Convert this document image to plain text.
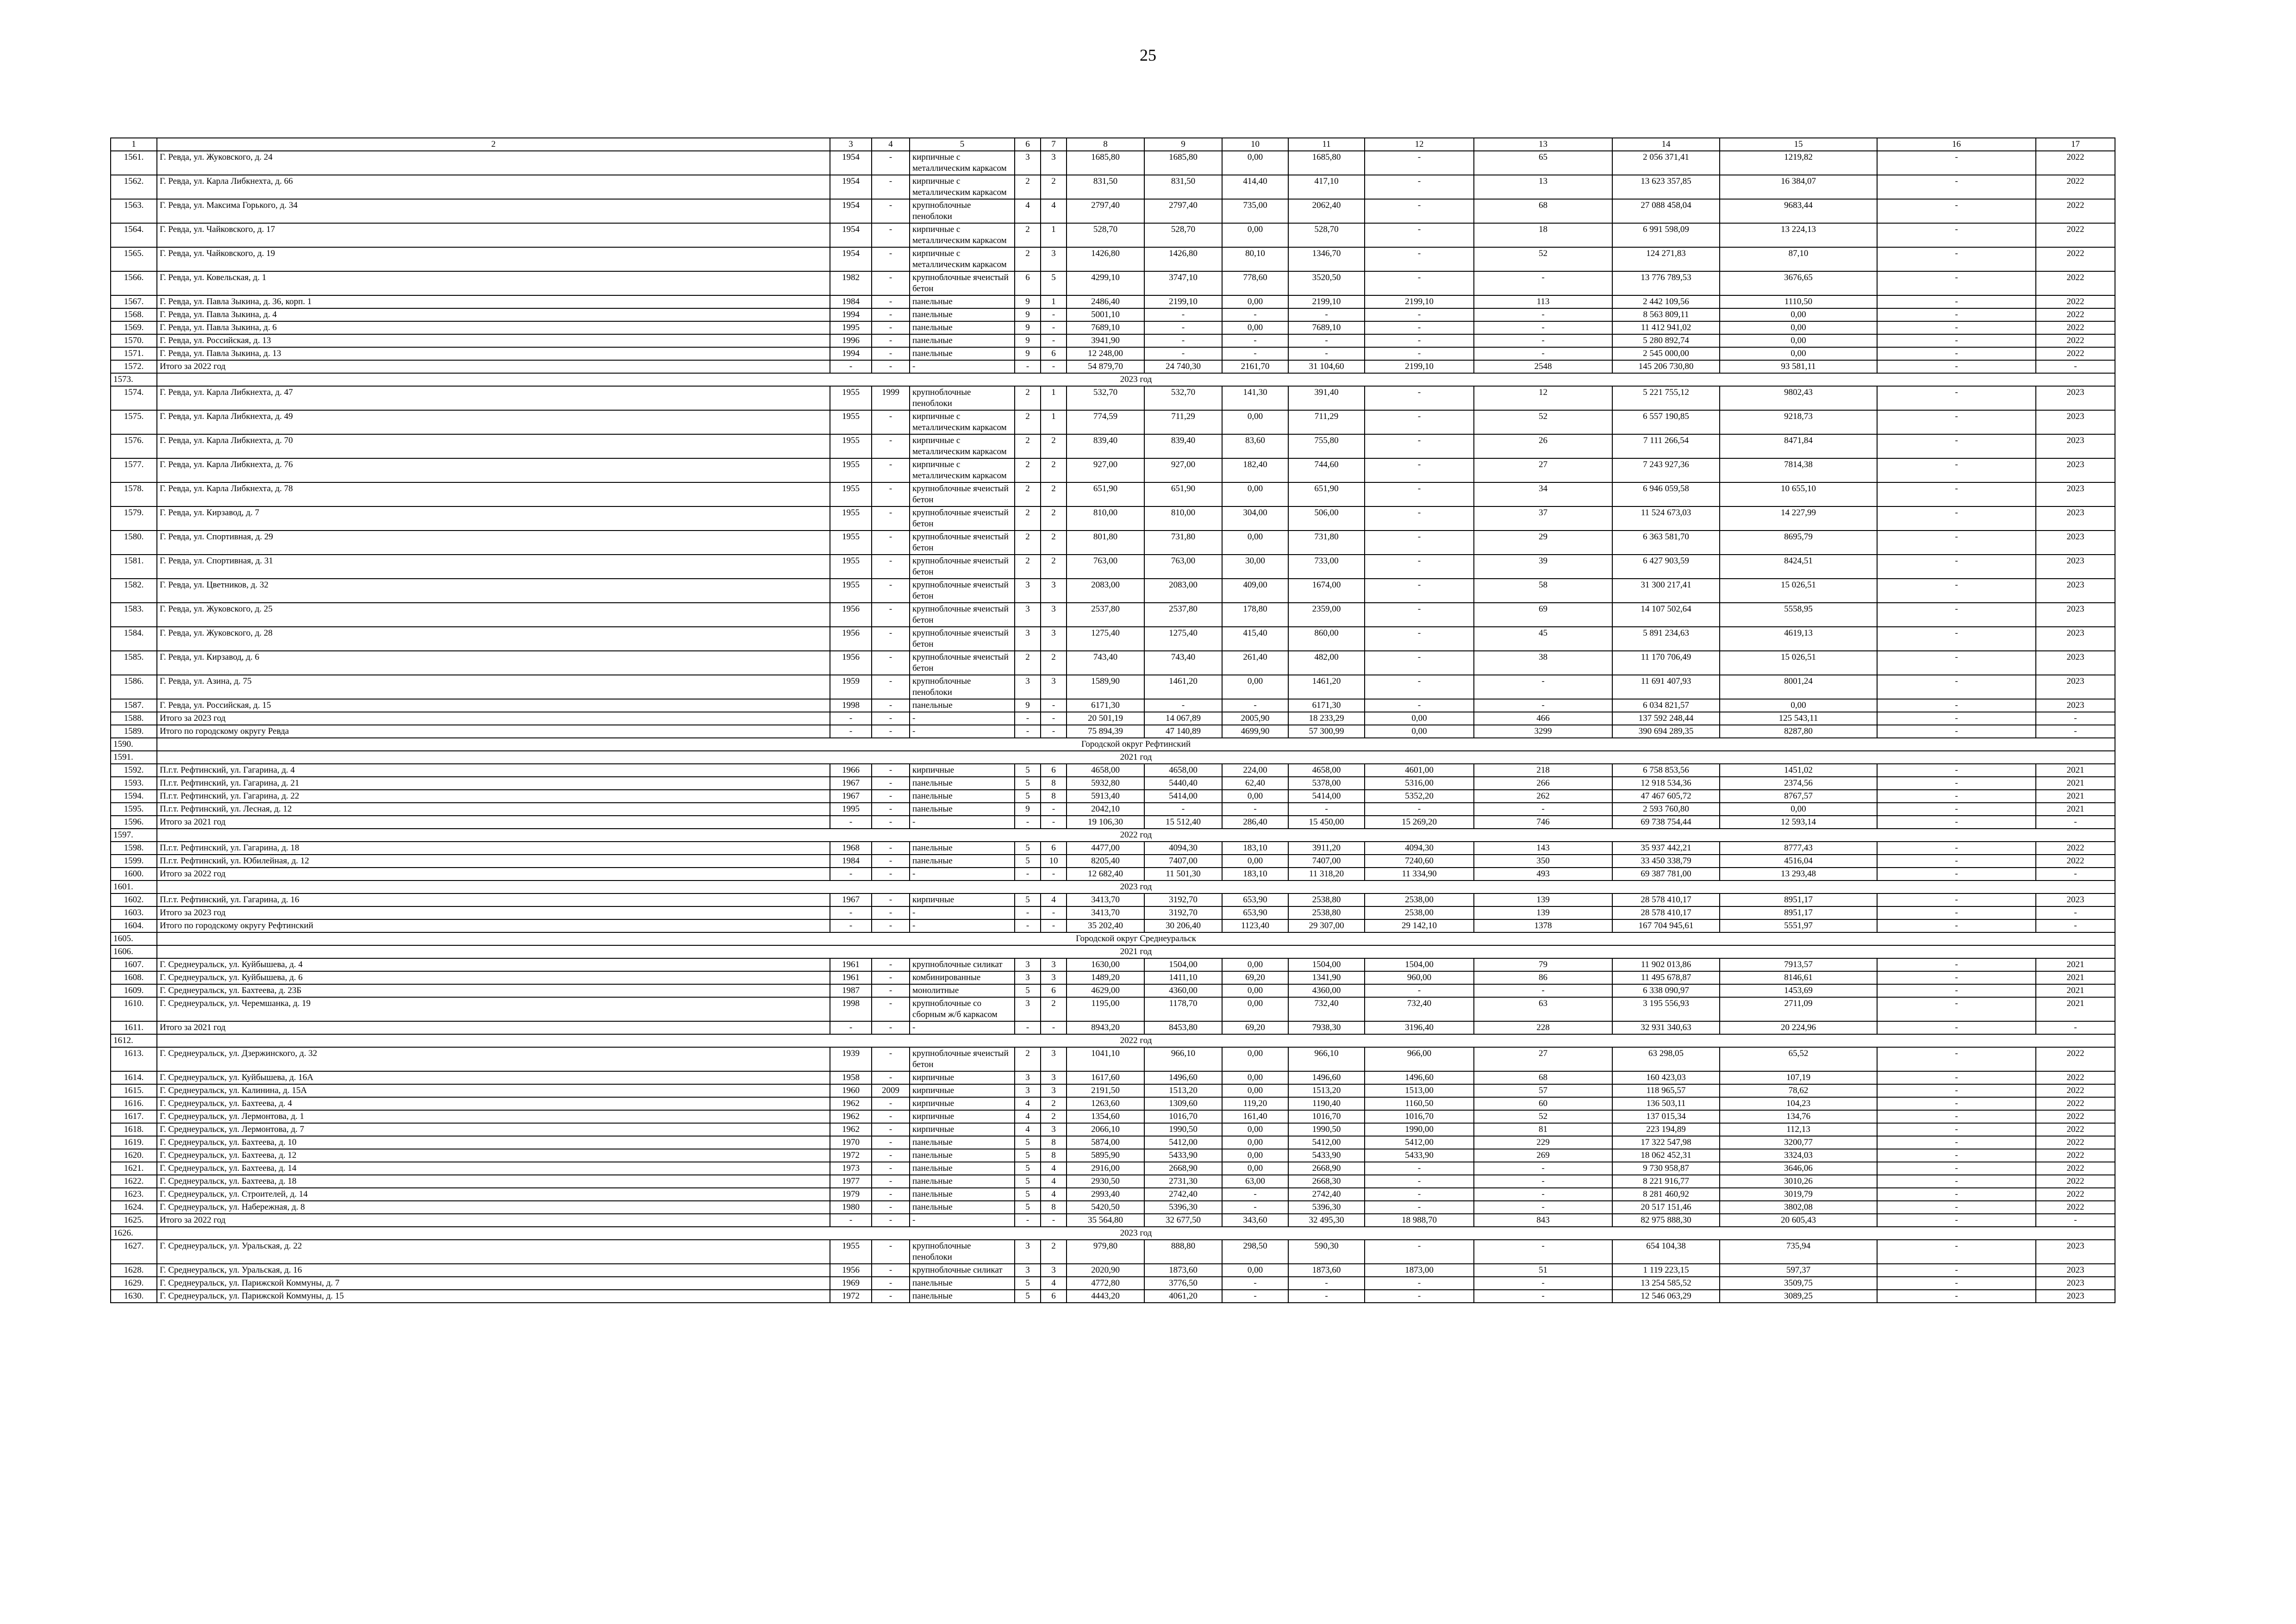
25
1	2	3	4	5	6	7	8	9	10	11	12	13	14	15	16	17
1561.	Г. Ревда, ул. Жуковского, д. 24	1954	-	кирпичные с металлическим каркасом	3	3	1685,80	1685,80	0,00	1685,80	-	65	2 056 371,41	1219,82	-	2022
1562.	Г. Ревда, ул. Карла Либкнехта, д. 66	1954	-	кирпичные с металлическим каркасом	2	2	831,50	831,50	414,40	417,10	-	13	13 623 357,85	16 384,07	-	2022
1563.	Г. Ревда, ул. Максима Горького, д. 34	1954	-	крупноблочные пеноблоки	4	4	2797,40	2797,40	735,00	2062,40	-	68	27 088 458,04	9683,44	-	2022
1564.	Г. Ревда, ул. Чайковского, д. 17	1954	-	кирпичные с металлическим каркасом	2	1	528,70	528,70	0,00	528,70	-	18	6 991 598,09	13 224,13	-	2022
1565.	Г. Ревда, ул. Чайковского, д. 19	1954	-	кирпичные с металлическим каркасом	2	3	1426,80	1426,80	80,10	1346,70	-	52	124 271,83	87,10	-	2022
1566.	Г. Ревда, ул. Ковельская, д. 1	1982	-	крупноблочные ячеистый бетон	6	5	4299,10	3747,10	778,60	3520,50	-	-	13 776 789,53	3676,65	-	2022
1567.	Г. Ревда, ул. Павла Зыкина, д. 36, корп. 1	1984	-	панельные	9	1	2486,40	2199,10	0,00	2199,10	2199,10	113	2 442 109,56	1110,50	-	2022
1568.	Г. Ревда, ул. Павла Зыкина, д. 4	1994	-	панельные	9	-	5001,10	-	-	-	-	-	8 563 809,11	0,00	-	2022
1569.	Г. Ревда, ул. Павла Зыкина, д. 6	1995	-	панельные	9	-	7689,10	-	0,00	7689,10	-	-	11 412 941,02	0,00	-	2022
1570.	Г. Ревда, ул. Российская, д. 13	1996	-	панельные	9	-	3941,90	-	-	-	-	-	5 280 892,74	0,00	-	2022
1571.	Г. Ревда, ул. Павла Зыкина, д. 13	1994	-	панельные	9	6	12 248,00	-	-	-	-	-	2 545 000,00	0,00	-	2022
1572.	Итого за 2022 год	-	-	-	-	-	54 879,70	24 740,30	2161,70	31 104,60	2199,10	2548	145 206 730,80	93 581,11	-	-
1573.	2023 год															
1574.	Г. Ревда, ул. Карла Либкнехта, д. 47	1955	1999	крупноблочные пеноблоки	2	1	532,70	532,70	141,30	391,40	-	12	5 221 755,12	9802,43	-	2023
1575.	Г. Ревда, ул. Карла Либкнехта, д. 49	1955	-	кирпичные с металлическим каркасом	2	1	774,59	711,29	0,00	711,29	-	52	6 557 190,85	9218,73	-	2023
1576.	Г. Ревда, ул. Карла Либкнехта, д. 70	1955	-	кирпичные с металлическим каркасом	2	2	839,40	839,40	83,60	755,80	-	26	7 111 266,54	8471,84	-	2023
1577.	Г. Ревда, ул. Карла Либкнехта, д. 76	1955	-	кирпичные с металлическим каркасом	2	2	927,00	927,00	182,40	744,60	-	27	7 243 927,36	7814,38	-	2023
1578.	Г. Ревда, ул. Карла Либкнехта, д. 78	1955	-	крупноблочные ячеистый бетон	2	2	651,90	651,90	0,00	651,90	-	34	6 946 059,58	10 655,10	-	2023
1579.	Г. Ревда, ул. Кирзавод, д. 7	1955	-	крупноблочные ячеистый бетон	2	2	810,00	810,00	304,00	506,00	-	37	11 524 673,03	14 227,99	-	2023
1580.	Г. Ревда, ул. Спортивная, д. 29	1955	-	крупноблочные ячеистый бетон	2	2	801,80	731,80	0,00	731,80	-	29	6 363 581,70	8695,79	-	2023
1581.	Г. Ревда, ул. Спортивная, д. 31	1955	-	крупноблочные ячеистый бетон	2	2	763,00	763,00	30,00	733,00	-	39	6 427 903,59	8424,51	-	2023
1582.	Г. Ревда, ул. Цветников, д. 32	1955	-	крупноблочные ячеистый бетон	3	3	2083,00	2083,00	409,00	1674,00	-	58	31 300 217,41	15 026,51	-	2023
1583.	Г. Ревда, ул. Жуковского, д. 25	1956	-	крупноблочные ячеистый бетон	3	3	2537,80	2537,80	178,80	2359,00	-	69	14 107 502,64	5558,95	-	2023
1584.	Г. Ревда, ул. Жуковского, д. 28	1956	-	крупноблочные ячеистый бетон	3	3	1275,40	1275,40	415,40	860,00	-	45	5 891 234,63	4619,13	-	2023
1585.	Г. Ревда, ул. Кирзавод, д. 6	1956	-	крупноблочные ячеистый бетон	2	2	743,40	743,40	261,40	482,00	-	38	11 170 706,49	15 026,51	-	2023
1586.	Г. Ревда, ул. Азина, д. 75	1959	-	крупноблочные пеноблоки	3	3	1589,90	1461,20	0,00	1461,20	-	-	11 691 407,93	8001,24	-	2023
1587.	Г. Ревда, ул. Российская, д. 15	1998	-	панельные	9	-	6171,30	-	-	6171,30	-	-	6 034 821,57	0,00	-	2023
1588.	Итого за 2023 год	-	-	-	-	-	20 501,19	14 067,89	2005,90	18 233,29	0,00	466	137 592 248,44	125 543,11	-	-
1589.	Итого по городскому округу Ревда	-	-	-	-	-	75 894,39	47 140,89	4699,90	57 300,99	0,00	3299	390 694 289,35	8287,80	-	-
1590.	Городской округ Рефтинский															
1591.	2021 год															
1592.	П.г.т. Рефтинский, ул. Гагарина, д. 4	1966	-	кирпичные	5	6	4658,00	4658,00	224,00	4658,00	4601,00	218	6 758 853,56	1451,02	-	2021
1593.	П.г.т. Рефтинский, ул. Гагарина, д. 21	1967	-	панельные	5	8	5932,80	5440,40	62,40	5378,00	5316,00	266	12 918 534,36	2374,56	-	2021
1594.	П.г.т. Рефтинский, ул. Гагарина, д. 22	1967	-	панельные	5	8	5913,40	5414,00	0,00	5414,00	5352,20	262	47 467 605,72	8767,57	-	2021
1595.	П.г.т. Рефтинский, ул. Лесная, д. 12	1995	-	панельные	9	-	2042,10	-	-	-	-	-	2 593 760,80	0,00	-	2021
1596.	Итого за 2021 год	-	-	-	-	-	19 106,30	15 512,40	286,40	15 450,00	15 269,20	746	69 738 754,44	12 593,14	-	-
1597.	2022 год															
1598.	П.г.т. Рефтинский, ул. Гагарина, д. 18	1968	-	панельные	5	6	4477,00	4094,30	183,10	3911,20	4094,30	143	35 937 442,21	8777,43	-	2022
1599.	П.г.т. Рефтинский, ул. Юбилейная, д. 12	1984	-	панельные	5	10	8205,40	7407,00	0,00	7407,00	7240,60	350	33 450 338,79	4516,04	-	2022
1600.	Итого за 2022 год	-	-	-	-	-	12 682,40	11 501,30	183,10	11 318,20	11 334,90	493	69 387 781,00	13 293,48	-	-
1601.	2023 год															
1602.	П.г.т. Рефтинский, ул. Гагарина, д. 16	1967	-	кирпичные	5	4	3413,70	3192,70	653,90	2538,80	2538,00	139	28 578 410,17	8951,17	-	2023
1603.	Итого за 2023 год	-	-	-	-	-	3413,70	3192,70	653,90	2538,80	2538,00	139	28 578 410,17	8951,17	-	-
1604.	Итого по городскому округу Рефтинский	-	-	-	-	-	35 202,40	30 206,40	1123,40	29 307,00	29 142,10	1378	167 704 945,61	5551,97	-	-
1605.	Городской округ Среднеуральск															
1606.	2021 год															
1607.	Г. Среднеуральск, ул. Куйбышева, д. 4	1961	-	крупноблочные силикат	3	3	1630,00	1504,00	0,00	1504,00	1504,00	79	11 902 013,86	7913,57	-	2021
1608.	Г. Среднеуральск, ул. Куйбышева, д. 6	1961	-	комбинированные	3	3	1489,20	1411,10	69,20	1341,90	960,00	86	11 495 678,87	8146,61	-	2021
1609.	Г. Среднеуральск, ул. Бахтеева, д. 23Б	1987	-	монолитные	5	6	4629,00	4360,00	0,00	4360,00	-	-	6 338 090,97	1453,69	-	2021
1610.	Г. Среднеуральск, ул. Черемшанка, д. 19	1998	-	крупноблочные со сборным ж/б каркасом	3	2	1195,00	1178,70	0,00	732,40	732,40	63	3 195 556,93	2711,09	-	2021
1611.	Итого за 2021 год	-	-	-	-	-	8943,20	8453,80	69,20	7938,30	3196,40	228	32 931 340,63	20 224,96	-	-
1612.	2022 год															
1613.	Г. Среднеуральск, ул. Дзержинского, д. 32	1939	-	крупноблочные ячеистый бетон	2	3	1041,10	966,10	0,00	966,10	966,00	27	63 298,05	65,52	-	2022
1614.	Г. Среднеуральск, ул. Куйбышева, д. 16А	1958	-	кирпичные	3	3	1617,60	1496,60	0,00	1496,60	1496,60	68	160 423,03	107,19	-	2022
1615.	Г. Среднеуральск, ул. Калинина, д. 15А	1960	2009	кирпичные	3	3	2191,50	1513,20	0,00	1513,20	1513,00	57	118 965,57	78,62	-	2022
1616.	Г. Среднеуральск, ул. Бахтеева, д. 4	1962	-	кирпичные	4	2	1263,60	1309,60	119,20	1190,40	1160,50	60	136 503,11	104,23	-	2022
1617.	Г. Среднеуральск, ул. Лермонтова, д. 1	1962	-	кирпичные	4	2	1354,60	1016,70	161,40	1016,70	1016,70	52	137 015,34	134,76	-	2022
1618.	Г. Среднеуральск, ул. Лермонтова, д. 7	1962	-	кирпичные	4	3	2066,10	1990,50	0,00	1990,50	1990,00	81	223 194,89	112,13	-	2022
1619.	Г. Среднеуральск, ул. Бахтеева, д. 10	1970	-	панельные	5	8	5874,00	5412,00	0,00	5412,00	5412,00	229	17 322 547,98	3200,77	-	2022
1620.	Г. Среднеуральск, ул. Бахтеева, д. 12	1972	-	панельные	5	8	5895,90	5433,90	0,00	5433,90	5433,90	269	18 062 452,31	3324,03	-	2022
1621.	Г. Среднеуральск, ул. Бахтеева, д. 14	1973	-	панельные	5	4	2916,00	2668,90	0,00	2668,90	-	-	9 730 958,87	3646,06	-	2022
1622.	Г. Среднеуральск, ул. Бахтеева, д. 18	1977	-	панельные	5	4	2930,50	2731,30	63,00	2668,30	-	-	8 221 916,77	3010,26	-	2022
1623.	Г. Среднеуральск, ул. Строителей, д. 14	1979	-	панельные	5	4	2993,40	2742,40	-	2742,40	-	-	8 281 460,92	3019,79	-	2022
1624.	Г. Среднеуральск, ул. Набережная, д. 8	1980	-	панельные	5	8	5420,50	5396,30	-	5396,30	-	-	20 517 151,46	3802,08	-	2022
1625.	Итого за 2022 год	-	-	-	-	-	35 564,80	32 677,50	343,60	32 495,30	18 988,70	843	82 975 888,30	20 605,43	-	-
1626.	2023 год															
1627.	Г. Среднеуральск, ул. Уральская, д. 22	1955	-	крупноблочные пеноблоки	3	2	979,80	888,80	298,50	590,30	-	-	654 104,38	735,94	-	2023
1628.	Г. Среднеуральск, ул. Уральская, д. 16	1956	-	крупноблочные силикат	3	3	2020,90	1873,60	0,00	1873,60	1873,00	51	1 119 223,15	597,37	-	2023
1629.	Г. Среднеуральск, ул. Парижской Коммуны, д. 7	1969	-	панельные	5	4	4772,80	3776,50	-	-	-	-	13 254 585,52	3509,75	-	2023
1630.	Г. Среднеуральск, ул. Парижской Коммуны, д. 15	1972	-	панельные	5	6	4443,20	4061,20	-	-	-	-	12 546 063,29	3089,25	-	2023
